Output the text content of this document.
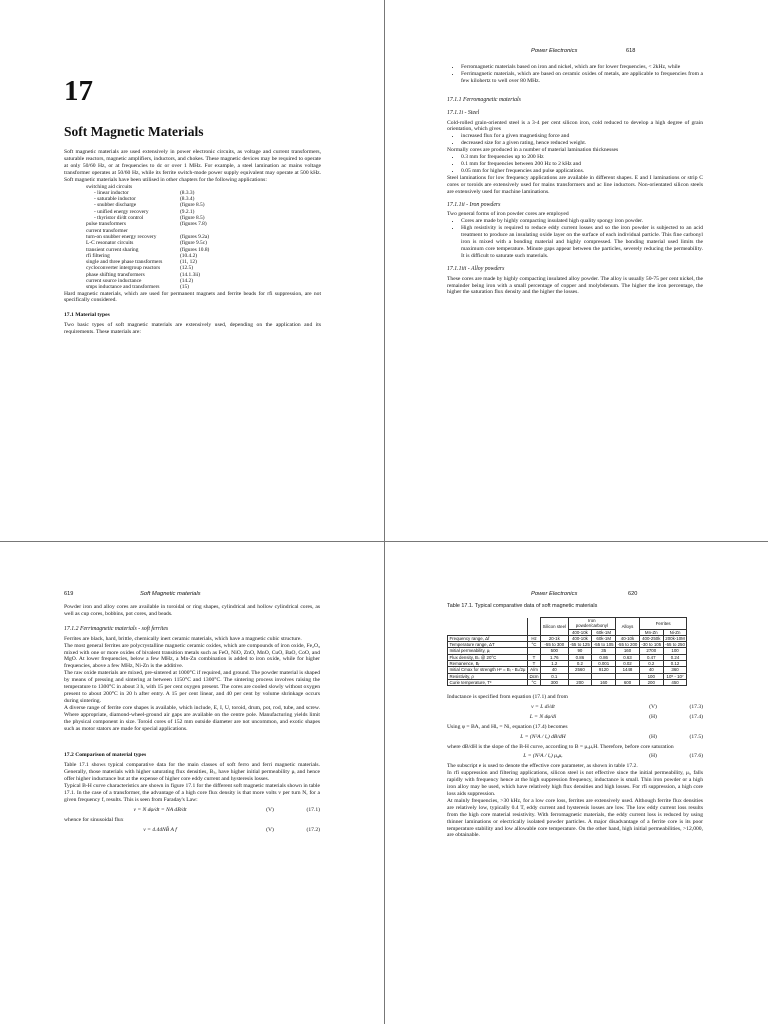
17
Soft Magnetic Materials

Soft magnetic materials are used extensively in power electronic circuits, as voltage and current transformers, saturable reactors, magnetic amplifiers, inductors, and chokes. These magnetic devices may be required to operate at only 50/60 Hz, or at frequencies to dc or over 1 MHz. For example, a steel lamination ac mains voltage transformer operates at 50/60 Hz, while its ferrite switch-mode power supply equivalent may operate at 500 kHz. Soft magnetic materials have been utilised in other chapters for the following applications:

switching aid circuits	
- linear inductor	(8.3.3)
- saturable inductor	(8.3.4)
- snubber discharge	(figure 8.5)
- unified energy recovery	(9.2.1)
- thyristor di/dt control	(figure 8.5)
pulse transformers	(figures 7.8)
current transformer	
turn-on snubber energy recovery	(figures 9.2a)
L-C resonator circuits	(figure 9.5c)
transient current sharing	(figures 10.8)
rfi filtering	(10.4.2)
single and three phase transformers	(11, 12)
cycloconverter intergroup reactors	(12.5)
phase shifting transformers	(14.1.3ii)
current source inductance	(14.2)
smps inductance and transformers	(15)

Hard magnetic materials, which are used for permanent magnets and ferrite beads for rfi suppression, are not specifically considered.

17.1 Material types

Two basic types of soft magnetic materials are extensively used, depending on the application and its requirements. These materials are:

Power Electronics	618
• Ferromagnetic materials based on iron and nickel, which are for lower frequencies, < 2kHz, while
• Ferrimagnetic materials, which are based on ceramic oxides of metals, are applicable to frequencies from a few kilohertz to well over 80 MHz.

17.1.1 Ferromagnetic materials

17.1.1i - Steel

Cold-rolled grain-oriented steel is a 3-4 per cent silicon iron, cold reduced to develop a high degree of grain orientation, which gives

• increased flux for a given magnetising force and
• decreased size for a given rating, hence reduced weight.

Normally cores are produced in a number of material lamination thicknesses

• 0.3 mm for frequencies up to 200 Hz
• 0.1 mm for frequencies between 200 Hz to 2 kHz and
• 0.05 mm for higher frequencies and pulse applications.

Steel laminations for low frequency applications are available in different shapes. E and I laminations or strip C cores or toroids are extensively used for mains transformers and ac line inductors. Non-orientated silicon steels are extensively used for machine laminations.

17.1.1ii - Iron powders

Two general forms of iron powder cores are employed

• Cores are made by highly compacting insulated high quality spongy iron powder.
• High resistivity is required to reduce eddy current losses and so the iron powder is subjected to an acid treatment to produce an insulating oxide layer on the surface of each individual particle. This fine carbonyl iron is mixed with a bonding material and highly compressed. The bonding material used limits the maximum core temperature. Minute gaps appear between the particles, severely reducing the permeability. It is difficult to saturate such materials.

17.1.1iii - Alloy powders

These cores are made by highly compacting insulated alloy powder. The alloy is usually 50-75 per cent nickel, the remainder being iron with a small percentage of copper and molybdenum. The higher the iron percentage, the higher the saturation flux density and the higher the losses.

619	Soft Magnetic materials

Powder iron and alloy cores are available in toroidal or ring shapes, cylindrical and hollow cylindrical cores, as well as cup cores, bobbins, pot cores, and beads.

17.1.2 Ferrimagnetic materials - soft ferrites

Ferrites are black, hard, brittle, chemically inert ceramic materials, which have a magnetic cubic structure.

The most general ferrites are polycrystalline magnetic ceramic oxides, which are compounds of iron oxide, Fe₂O₃ mixed with one or more oxides of bivalent transition metals such as FeO, NiO, ZnO, MnO, CuO, BaO, CoO, and MgO. At lower frequencies, below a few MHz, a Mn-Zn combination is added to iron oxide, while for higher frequencies, above a few MHz, Ni-Zn is the additive.

The raw oxide materials are mixed, pre-sintered at 1000°C if required, and ground. The powder material is shaped by means of pressing and sintering at between 1150°C and 1300°C. The sintering process involves raising the temperature to 1300°C in about 3 h, with 15 per cent oxygen present. The cores are cooled slowly without oxygen present to about 200°C in 20 h after entry. A 15 per cent linear, and 40 per cent by volume shrinkage occurs during sintering.

A diverse range of ferrite core shapes is available, which include, E, I, U, toroid, drum, pot, rod, tube, and screw. Where appropriate, diamond-wheel-ground air gaps are available on the centre pole. Manufacturing yields limit the physical component in size. Toroid cores of 152 mm outside diameter are not uncommon, and exotic shapes such as motor stators are made for special applications.

17.2 Comparison of material types

Table 17.1 shows typical comparative data for the main classes of soft ferro and ferri magnetic materials. Generally, those materials with higher saturating flux densities, Bₛ, have higher initial permeability μᵢ and hence offer higher inductance but at the expense of higher core eddy current and hysteresis losses.

Typical B-H curve characteristics are shown in figure 17.1 for the different soft magnetic materials shown in table 17.1. In the case of a transformer, the advantage of a high core flux density is that more volts v per turn N, for a given frequency f, results. This is seen from Faraday's Law:

v = N dφ/dt = NA dB/dt	(V)	(17.1)

whence for sinusoidal flux

v = 4.44NB̂ A f	(V)	(17.2)
Power Electronics	620
Table 17.1. Typical comparative data of soft magnetic materials
		Silicon steel	Iron
powder/carbonyl		Alloys	Ferrites	
			400-10k	60k-1M		Mn-Zn	Ni-Zn
Frequency range, Δf	Hz	20-1k	400-10k	60k-1M	40-10k	400-250k	200k-10M
Temperature range, ΔT	°C	-55 to 300	-55 to 125	-55 to 105	-55 to 200	-30 to 105	-55 to 250
Initial permeability, μᵢ		500	90	35	160	2700	100
Flux density, Bₛ @ 20°C	T	1.76	0.86	0.86	0.63	0.47	0.24
Remanence, Bᵣ	T	1.2	0.2	0.001	0.02	0.2	0.12
Initial Cmax for strength Hᶜ = Bᵣ - Bₛ/2μ	A/m	40	2560	9120	1448	40	360
Resistivity, ρ	Ωcm	0.1				100	10⁵ - 10⁷
Curie temperature, Tᶜ	°C	300	200	160	600	200	450

Inductance is specified from equation (17.1) and from

v = L di/dt	(V)	(17.3)
L = N dφ/di	(H)	(17.4)

Using φ = BA, and Hlₑ = Ni, equation (17.4) becomes

L = (N²A / lₑ) dB/dH	(H)	(17.5)

where dB/dH is the slope of the B-H curve, according to B = μₒμᵣH. Therefore, before core saturation

L = (N²A / lₑ) μₒμᵣ	(H)	(17.6)

The subscript e is used to denote the effective core parameter, as shown in table 17.2.

In rfi suppression and filtering applications, silicon steel is not effective since the initial permeability, μᵢ, falls rapidly with frequency hence at the high suppression frequency, inductance is small. Thin iron powder or a high iron alloy may be used, which have relatively high flux densities and high losses. For rfi suppression, a high core loss aids suppression.

At mainly frequencies, >30 kHz, for a low core loss, ferrites are extensively used. Although ferrite flux densities are relatively low, typically 0.4 T, eddy current and hysteresis losses are low. The low eddy current loss results from the high core material resistivity. With ferromagnetic materials, the eddy current loss is reduced by using thinner laminations or electrically isolated powder particles. A major disadvantage of a ferrite core is its poor temperature stability and low allowable core temperature. On the other hand, high initial permeabilities, >12,000, are obtainable.
